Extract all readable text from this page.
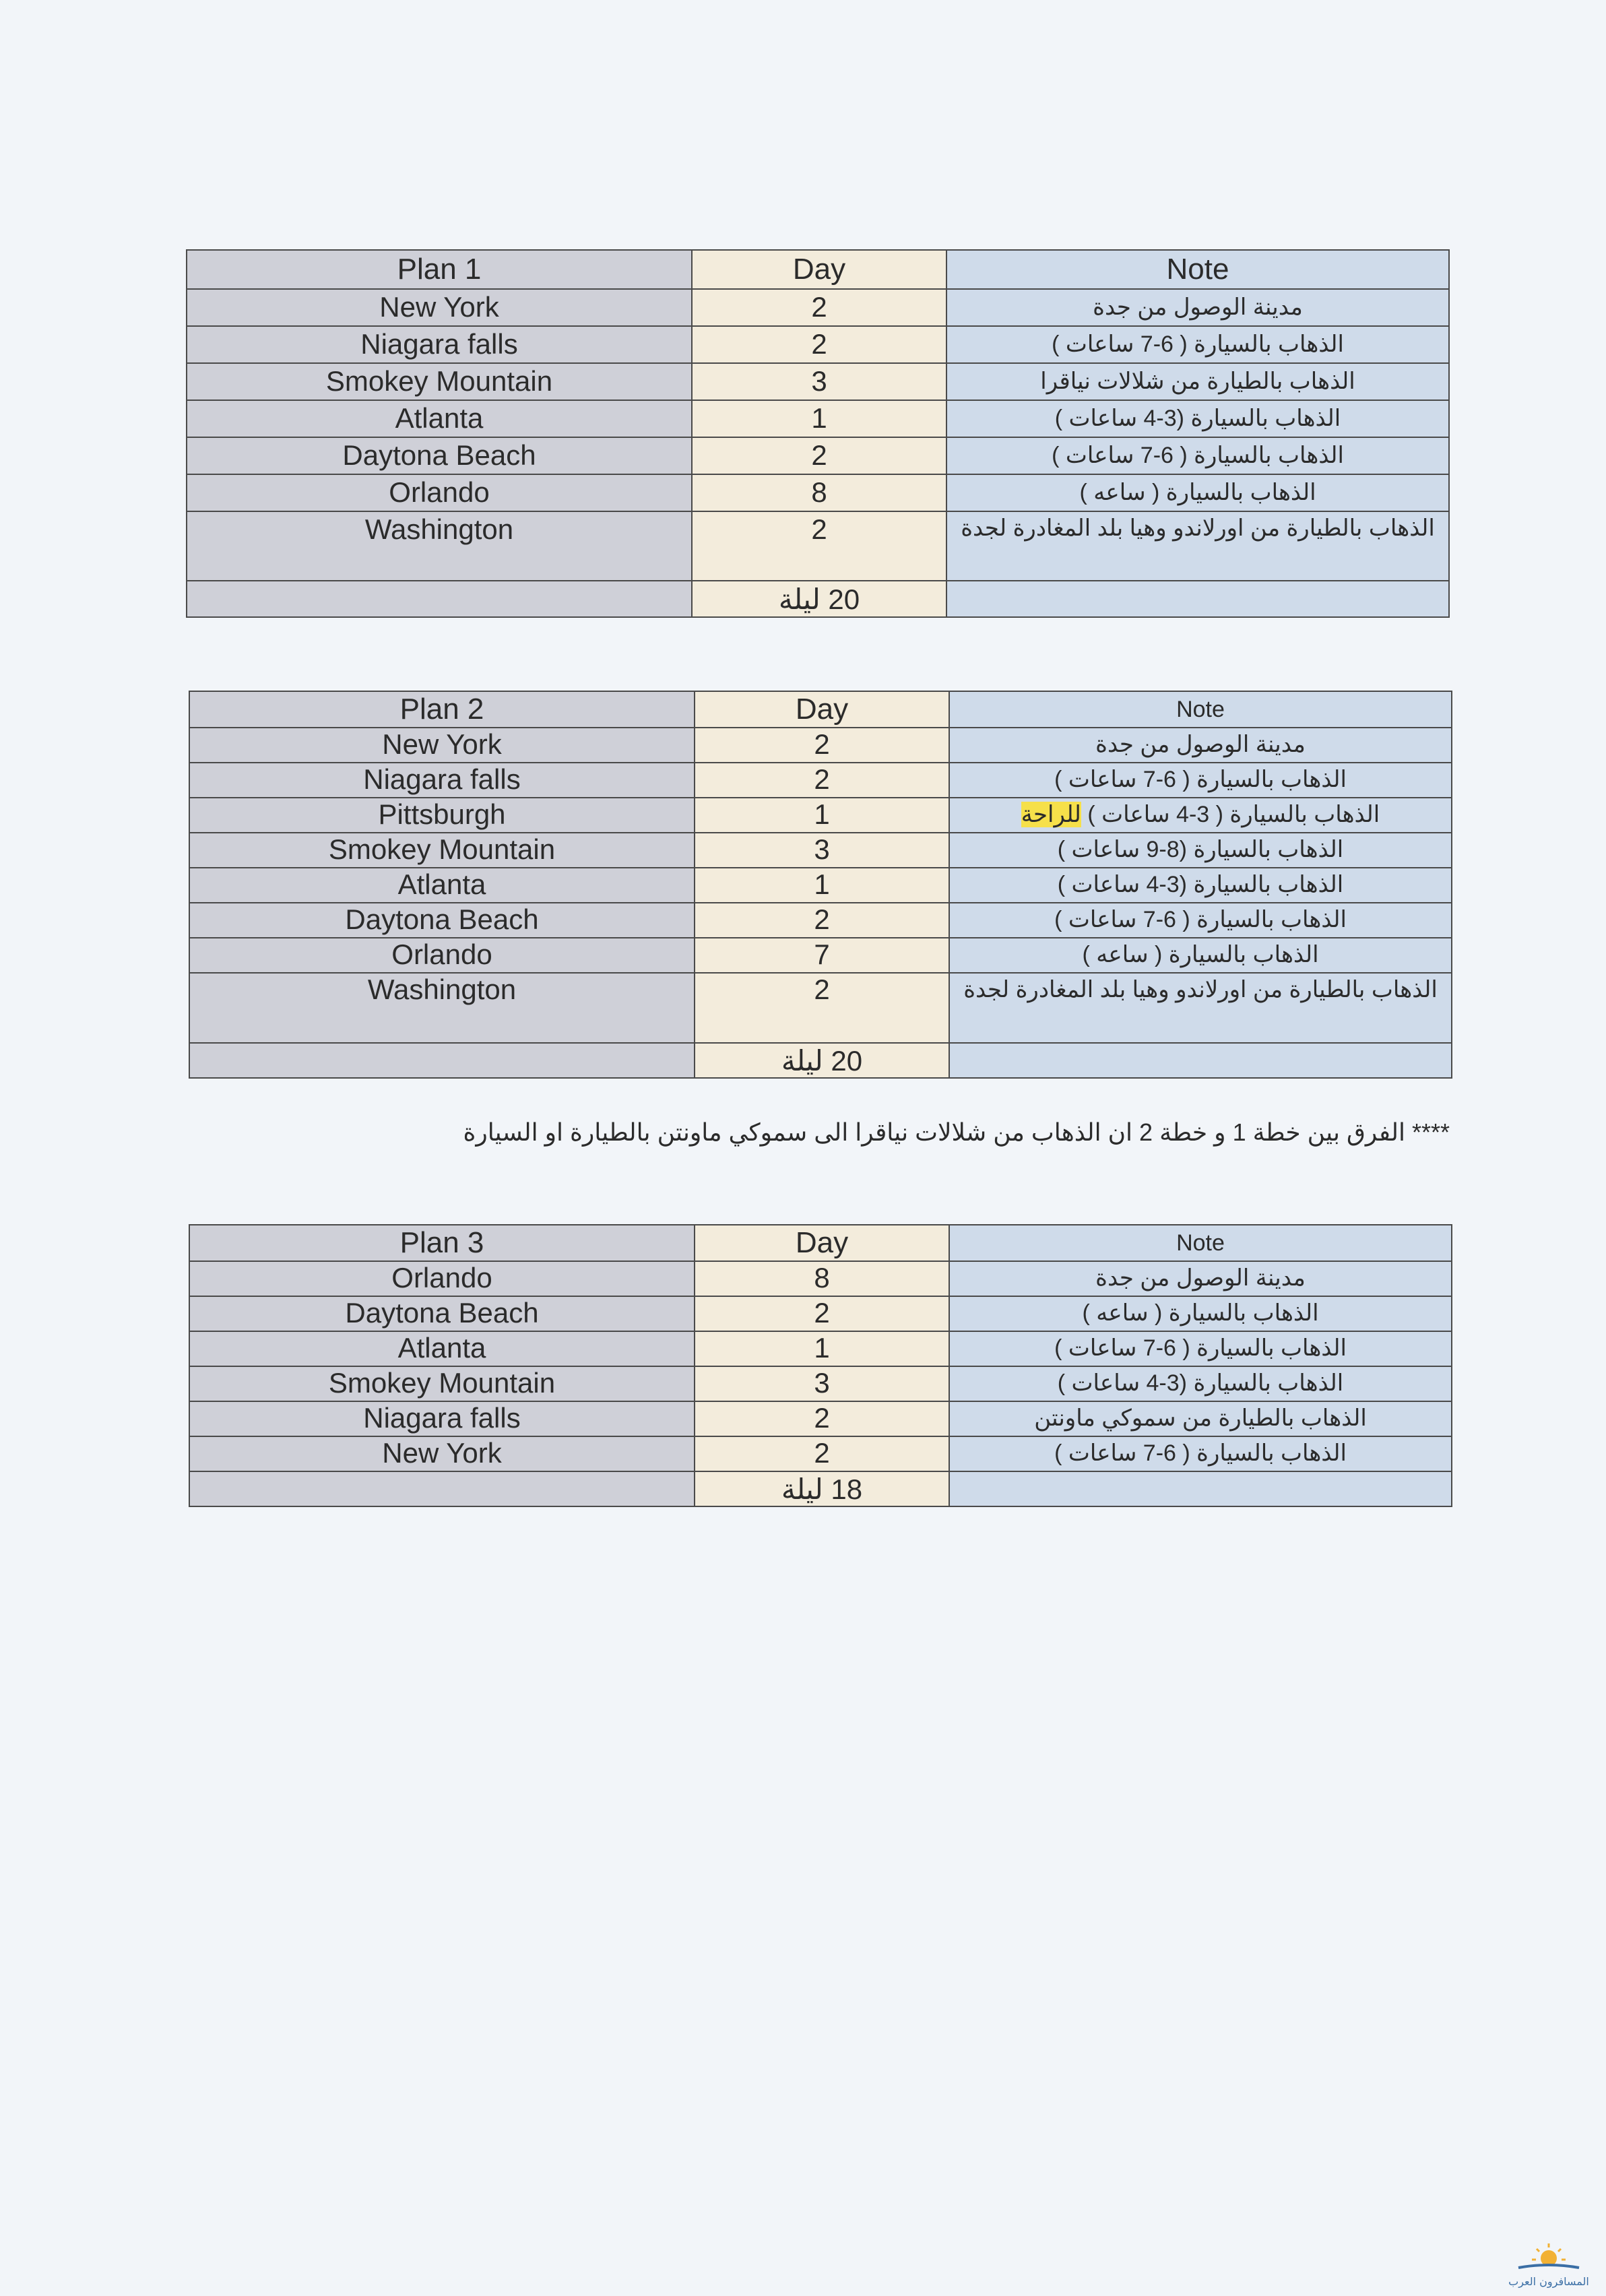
Plan 1	Day	Note
New York	2	مدينة الوصول من جدة
Niagara falls	2	الذهاب بالسيارة ( 6-7 ساعات )
Smokey Mountain	3	الذهاب بالطيارة من شلالات نياقرا
Atlanta	1	الذهاب بالسيارة (3-4 ساعات )
Daytona Beach	2	الذهاب بالسيارة ( 6-7 ساعات )
Orlando	8	الذهاب بالسيارة ( ساعه )
Washington	2	الذهاب بالطيارة من اورلاندو وهيا بلد المغادرة لجدة
	20 ليلة	
Plan 2	Day	Note
New York	2	مدينة الوصول من جدة
Niagara falls	2	الذهاب بالسيارة ( 6-7 ساعات )
Pittsburgh	1	الذهاب بالسيارة ( 3-4 ساعات ) للراحة
Smokey Mountain	3	الذهاب بالسيارة (8-9 ساعات )
Atlanta	1	الذهاب بالسيارة (3-4 ساعات )
Daytona Beach	2	الذهاب بالسيارة ( 6-7 ساعات )
Orlando	7	الذهاب بالسيارة ( ساعه )
Washington	2	الذهاب بالطيارة من اورلاندو وهيا بلد المغادرة لجدة
	20 ليلة	
**** الفرق بين خطة 1 و خطة 2 ان الذهاب من شلالات نياقرا الى سموكي ماونتن بالطيارة او السيارة
Plan 3	Day	Note
Orlando	8	مدينة الوصول من جدة
Daytona Beach	2	الذهاب بالسيارة ( ساعه )
Atlanta	1	الذهاب بالسيارة ( 6-7 ساعات )
Smokey Mountain	3	الذهاب بالسيارة (3-4 ساعات )
Niagara falls	2	الذهاب بالطيارة من سموكي ماونتن
New York	2	الذهاب بالسيارة ( 6-7 ساعات )
	18 ليلة	
المسافرون العرب
